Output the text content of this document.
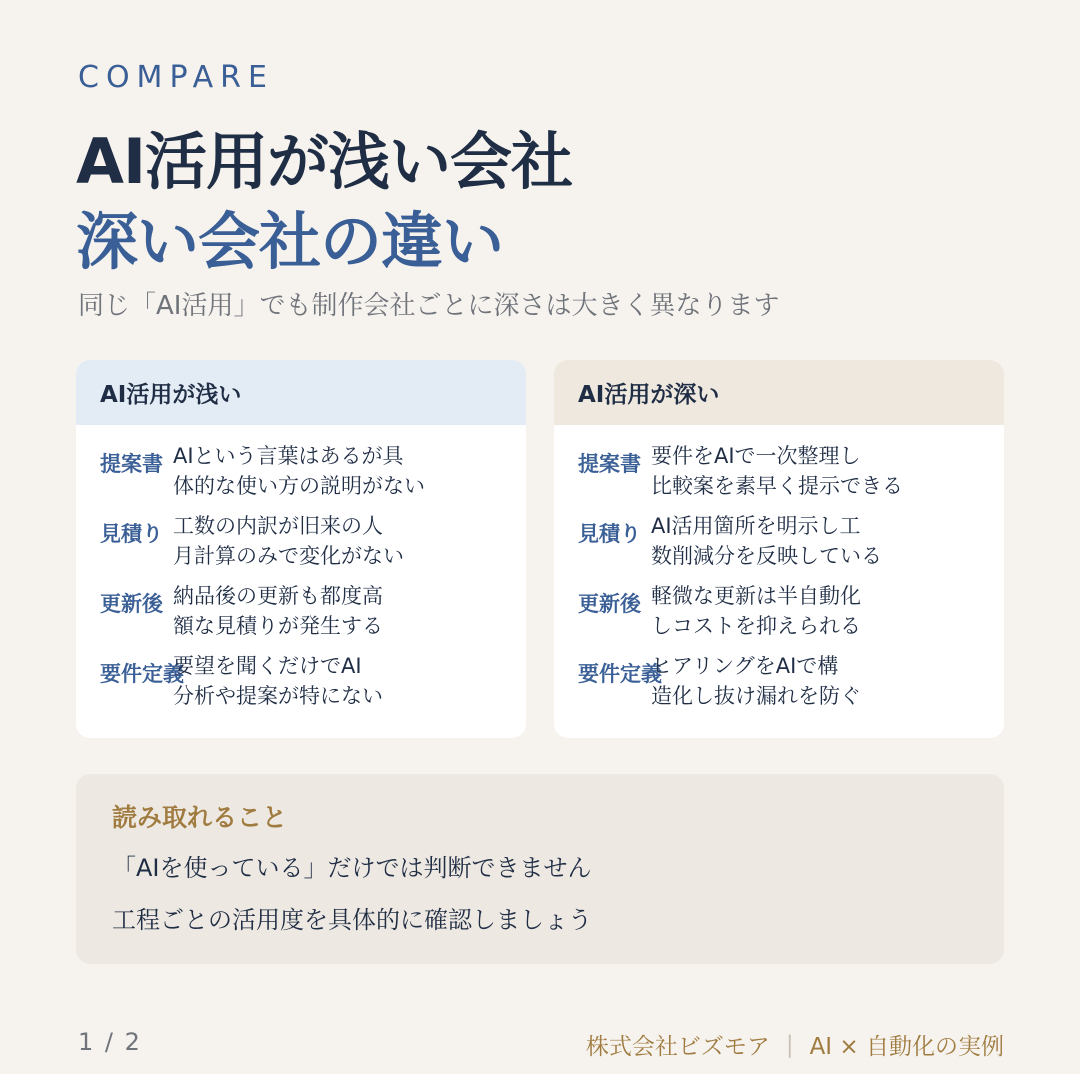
COMPARE
AI活用が浅い会社
深い会社の違い
同じ「AI活用」でも制作会社ごとに深さは大きく異なります
AI活用が浅い
提案書 AIという言葉はあるが具
体的な使い方の説明がない
見積り 工数の内訳が旧来の人
月計算のみで変化がない
更新後 納品後の更新も都度高
額な見積りが発生する
要件定義
要望を聞くだけでAI
分析や提案が特にない
AI活用が深い
提案書 要件をAIで一次整理し
比較案を素早く提示できる
見積り AI活用箇所を明示し工
数削減分を反映している
更新後 軽微な更新は半自動化
しコストを抑えられる
要件定義
ヒアリングをAIで構
造化し抜け漏れを防ぐ
読み取れること
「AIを使っている」だけでは判断できません
工程ごとの活用度を具体的に確認しましょう
1 / 2	株式会社ビズモア | AI × 自動化の実例
